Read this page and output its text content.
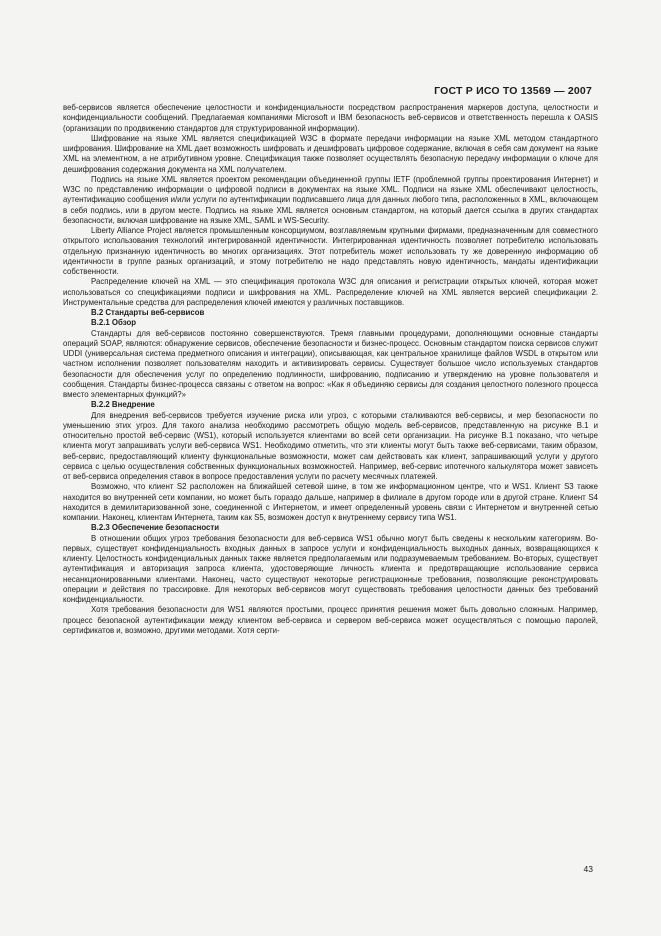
ГОСТ Р ИСО ТО 13569 — 2007

веб-сервисов является обеспечение целостности и конфиденциальности посредством распространения маркеров доступа, целостности и конфиденциальности сообщений. Предлагаемая компаниями Microsoft и IBM безопасность веб-сервисов и ответственность перешла к OASIS (организации по продвижению стандартов для структурированной информации).

Шифрование на языке XML является спецификацией W3C в формате передачи информации на языке XML методом стандартного шифрования. Шифрование на XML дает возможность шифровать и дешифровать цифровое содержание, включая в себя сам документ на языке XML на элементном, а не атрибутивном уровне. Спецификация также позволяет осуществлять безопасную передачу информации о ключе для дешифрования содержания документа на XML получателем.

Подпись на языке XML является проектом рекомендации объединенной группы IETF (проблемной группы проектирования Интернет) и W3C по представлению информации о цифровой подписи в документах на языке XML. Подписи на языке XML обеспечивают целостность, аутентификацию сообщения и/или услуги по аутентификации подписавшего лица для данных любого типа, расположенных в XML, включающем в себя подпись, или в другом месте. Подпись на языке XML является основным стандартом, на который дается ссылка в других стандартах безопасности, включая шифрование на языке XML, SAML и WS-Security.

Liberty Alliance Project является промышленным консорциумом, возглавляемым крупными фирмами, предназначенным для совместного открытого использования технологий интегрированной идентичности. Интегрированная идентичность позволяет потребителю использовать отдельную признанную идентичность во многих организациях. Этот потребитель может использовать ту же доверенную информацию об идентичности в группе разных организаций, и этому потребителю не надо представлять новую идентичность, мандаты идентификации собственности.

Распределение ключей на XML — это спецификация протокола W3C для описания и регистрации открытых ключей, которая может использоваться со спецификациями подписи и шифрования на XML. Распределение ключей на XML является версией спецификации 2. Инструментальные средства для распределения ключей имеются у различных поставщиков.

В.2 Стандарты веб-сервисов
В.2.1 Обзор

Стандарты для веб-сервисов постоянно совершенствуются. Тремя главными процедурами, дополняющими основные стандарты операций SOAP, являются: обнаружение сервисов, обеспечение безопасности и бизнес-процесс. Основным стандартом поиска сервисов служит UDDI (универсальная система предметного описания и интеграции), описывающая, как центральное хранилище файлов WSDL в открытом или частном исполнении позволяет пользователям находить и активизировать сервисы. Существует большое число используемых стандартов безопасности для обеспечения услуг по определению подлинности, шифрованию, подписанию и утверждению на уровне пользователя и сообщения. Стандарты бизнес-процесса связаны с ответом на вопрос: «Как я объединяю сервисы для создания целостного полезного процесса вместо элементарных функций?»

В.2.2 Внедрение

Для внедрения веб-сервисов требуется изучение риска или угроз, с которыми сталкиваются веб-сервисы, и мер безопасности по уменьшению этих угроз. Для такого анализа необходимо рассмотреть общую модель веб-сервисов, представленную на рисунке В.1 и относительно простой веб-сервис (WS1), который используется клиентами во всей сети организации. На рисунке В.1 показано, что четыре клиента могут запрашивать услуги веб-сервиса WS1. Необходимо отметить, что эти клиенты могут быть также веб-сервисами, таким образом, веб-сервис, предоставляющий клиенту функциональные возможности, может сам действовать как клиент, запрашивающий услуги у другого сервиса с целью осуществления собственных функциональных возможностей. Например, веб-сервис ипотечного калькулятора может зависеть от веб-сервиса определения ставок в вопросе предоставления услуги по расчету месячных платежей.

Возможно, что клиент S2 расположен на ближайшей сетевой шине, в том же информационном центре, что и WS1. Клиент S3 также находится во внутренней сети компании, но может быть гораздо дальше, например в филиале в другом городе или в другой стране. Клиент S4 находится в демилитаризованной зоне, соединенной с Интернетом, и имеет определенный уровень связи с Интернетом и внутренней сетью компании. Наконец, клиентам Интернета, таким как S5, возможен доступ к внутреннему сервису типа WS1.

В.2.3 Обеспечение безопасности

В отношении общих угроз требования безопасности для веб-сервиса WS1 обычно могут быть сведены к нескольким категориям. Во-первых, существует конфиденциальность входных данных в запросе услуги и конфиденциальность выходных данных, возвращающихся к клиенту. Целостность конфиденциальных данных также является предполагаемым или подразумеваемым требованием. Во-вторых, существует аутентификация и авторизация запроса клиента, удостоверяющие личность клиента и предотвращающие использование сервиса несанкционированными клиентами. Наконец, часто существуют некоторые регистрационные требования, позволяющие реконструировать операции и действия по трассировке. Для некоторых веб-сервисов могут существовать требования целостности данных без требований конфиденциальности.

Хотя требования безопасности для WS1 являются простыми, процесс принятия решения может быть довольно сложным. Например, процесс безопасной аутентификации между клиентом веб-сервиса и сервером веб-сервиса может осуществляться с помощью паролей, сертификатов и, возможно, другими методами. Хотя серти-

43
